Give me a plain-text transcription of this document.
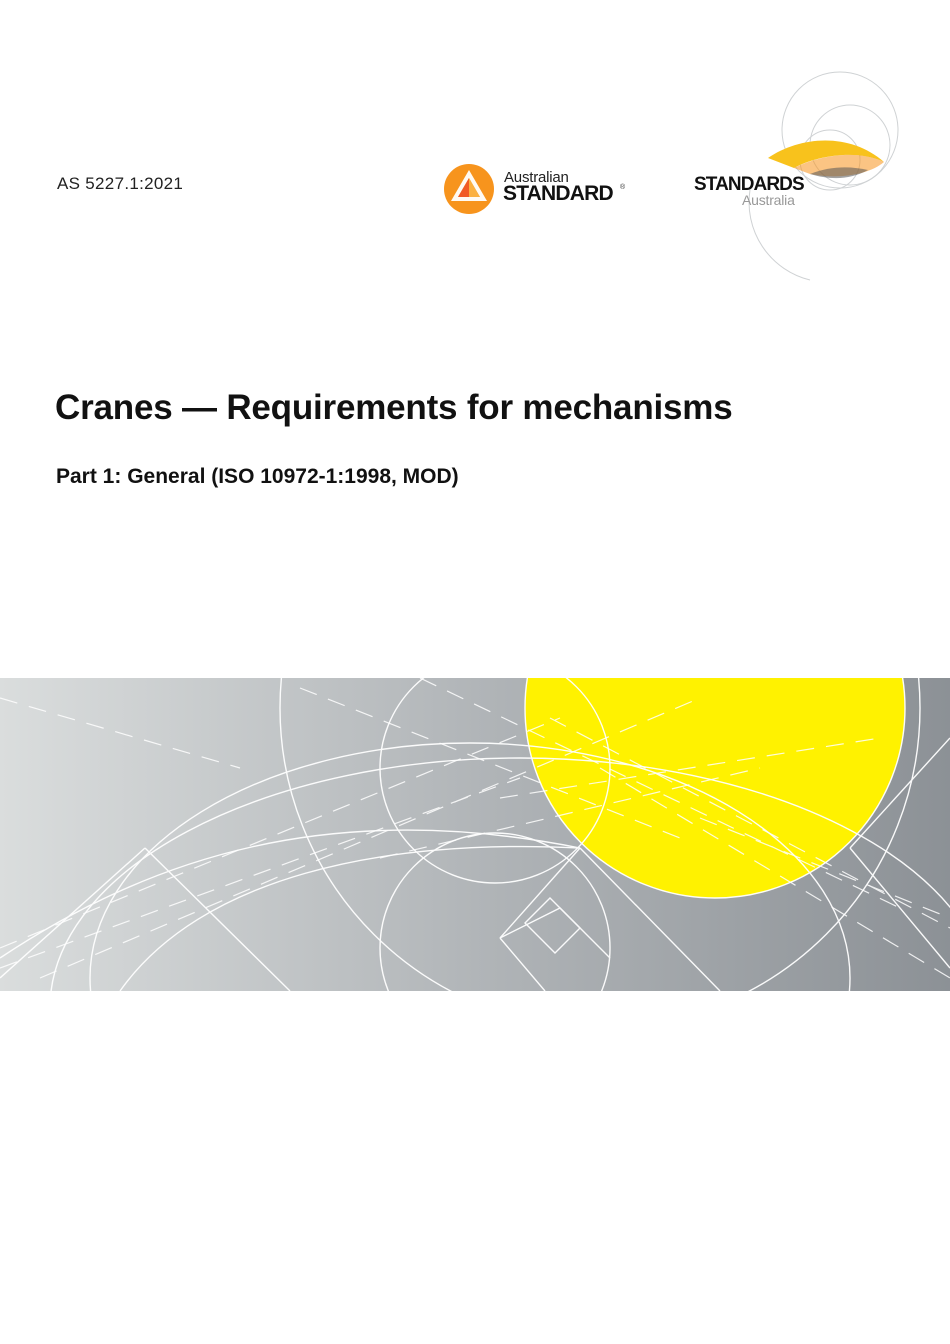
AS 5227.1:2021	Australian
STANDARD ®	STANDARDS
Australia
Cranes — Requirements for mechanisms
Part 1: General (ISO 10972-1:1998, MOD)
